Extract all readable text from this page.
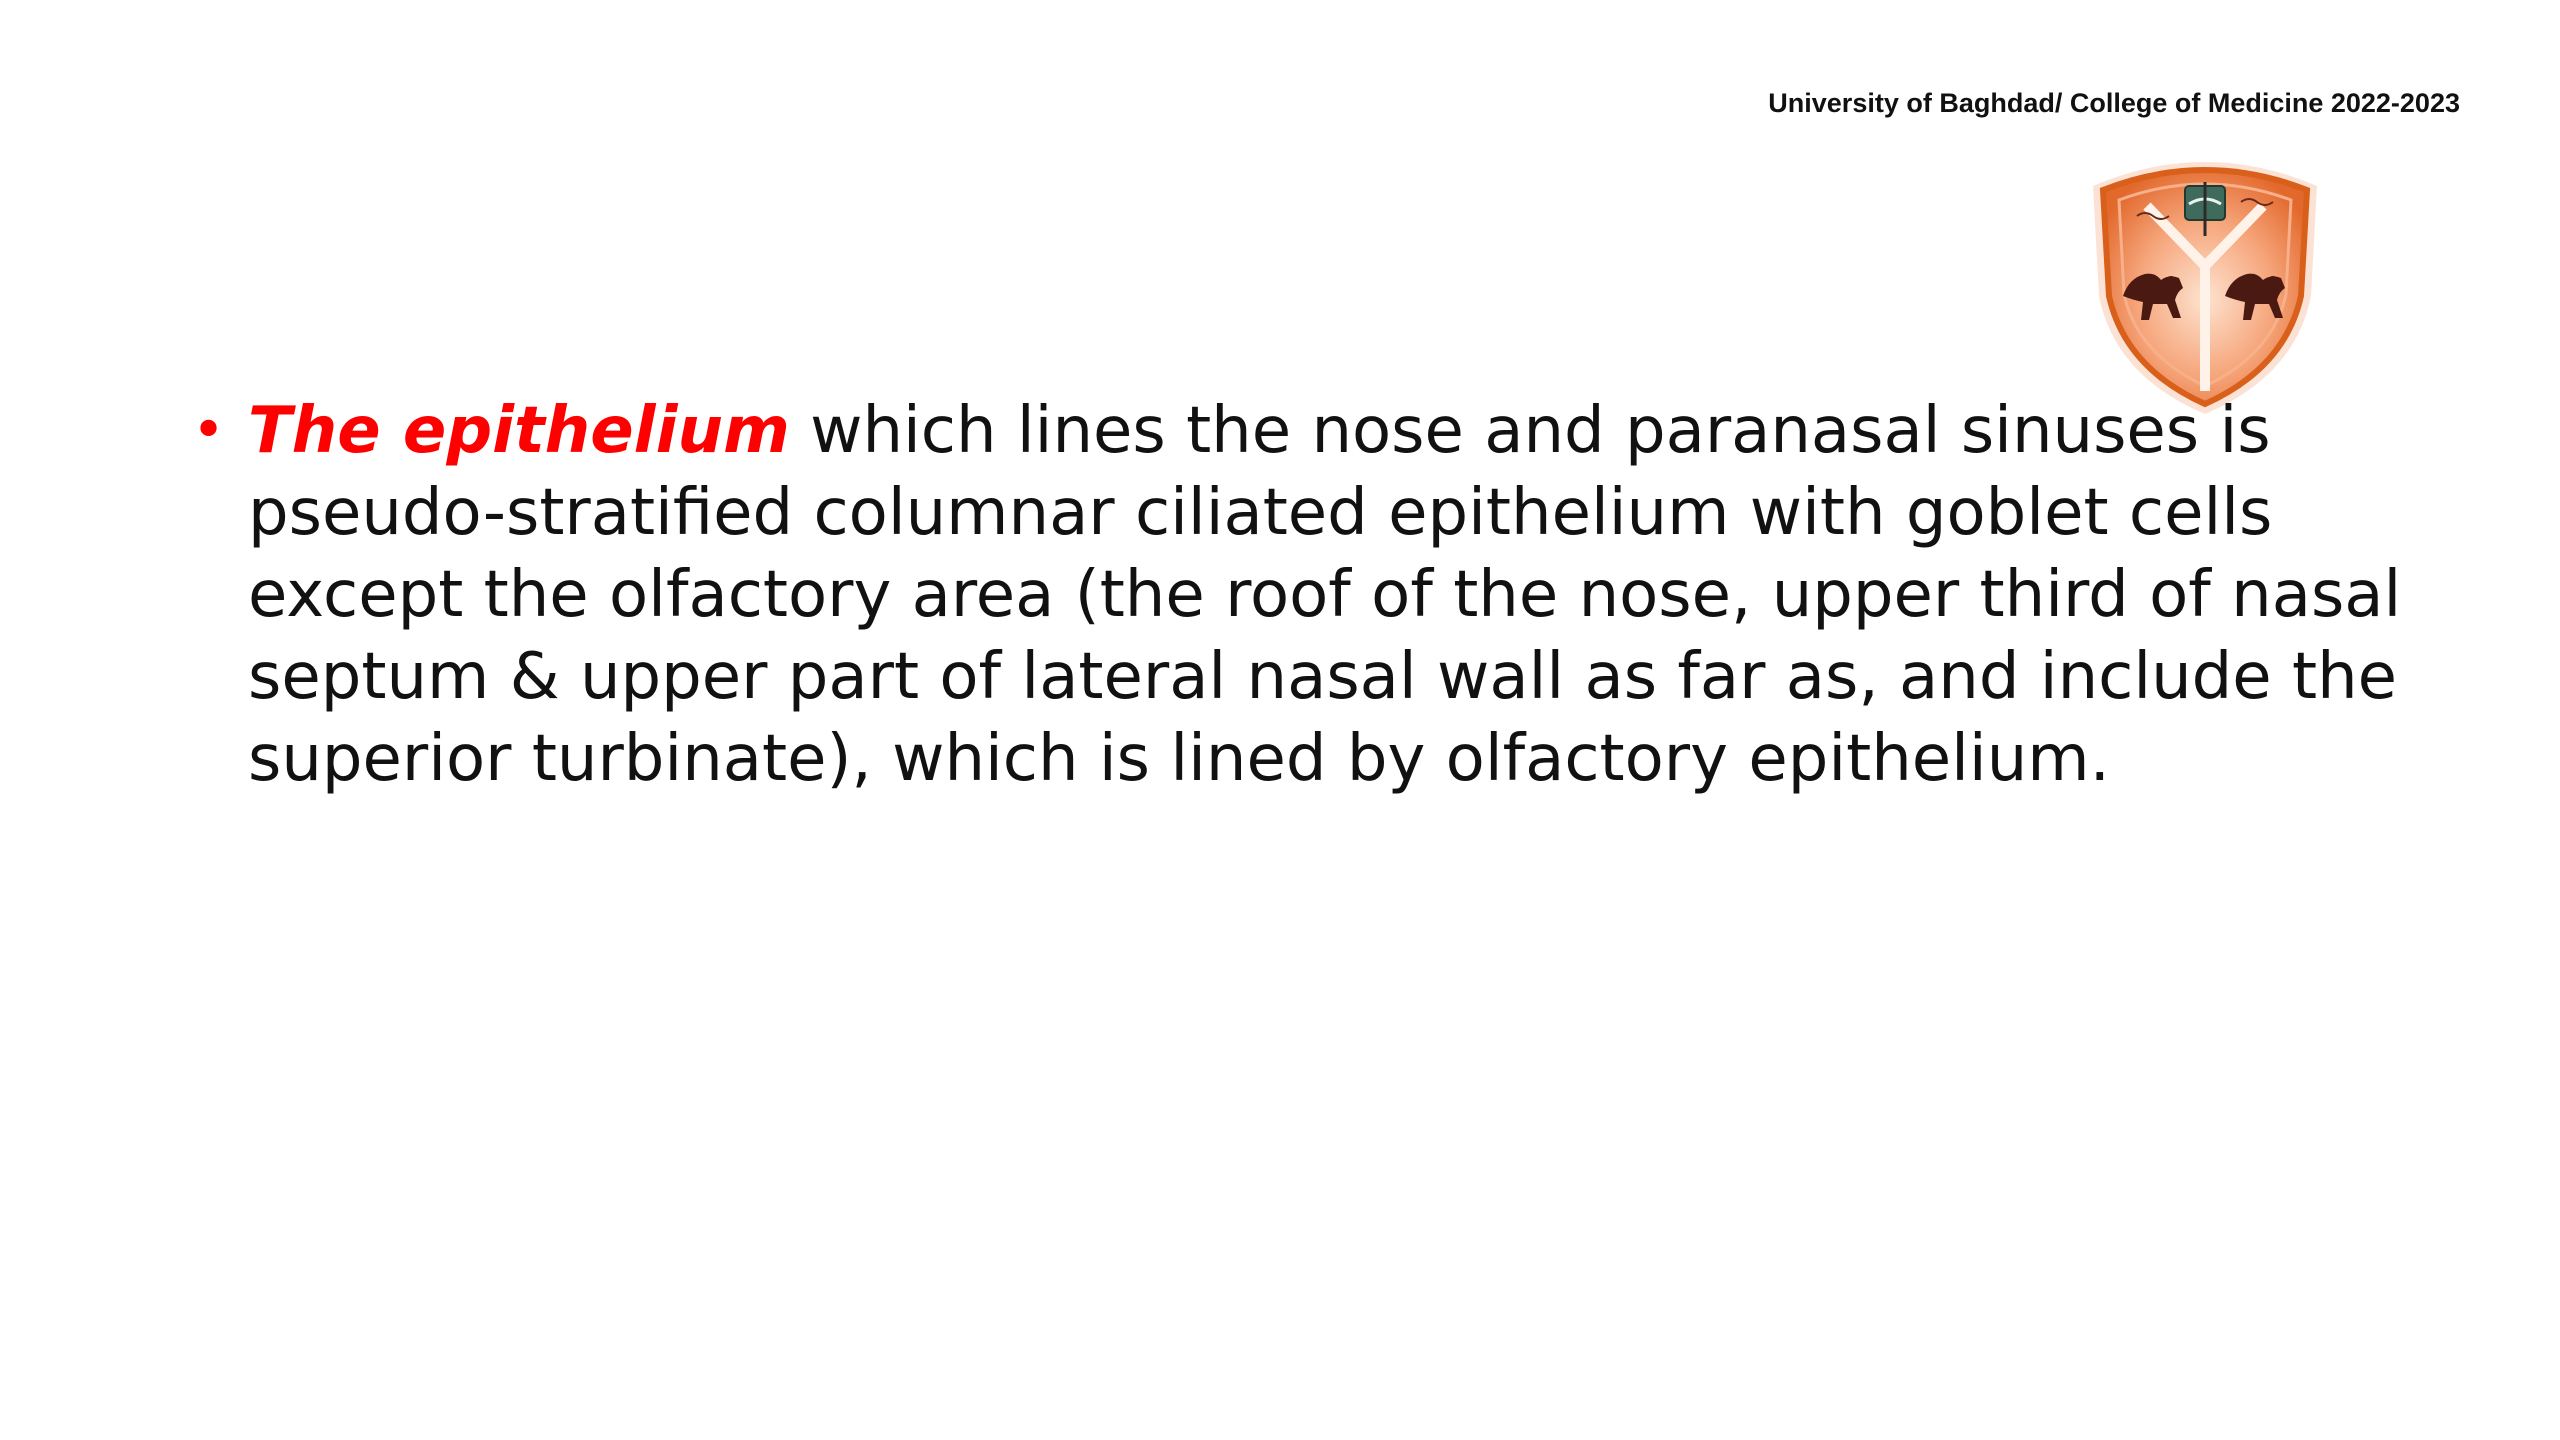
University of Baghdad/ College of Medicine 2022-2023
• The epithelium which lines the nose and paranasal sinuses is pseudo-stratified columnar ciliated epithelium with goblet cells except the olfactory area (the roof of the nose, upper third of nasal septum & upper part of lateral nasal wall as far as, and include the superior turbinate), which is lined by olfactory epithelium.
